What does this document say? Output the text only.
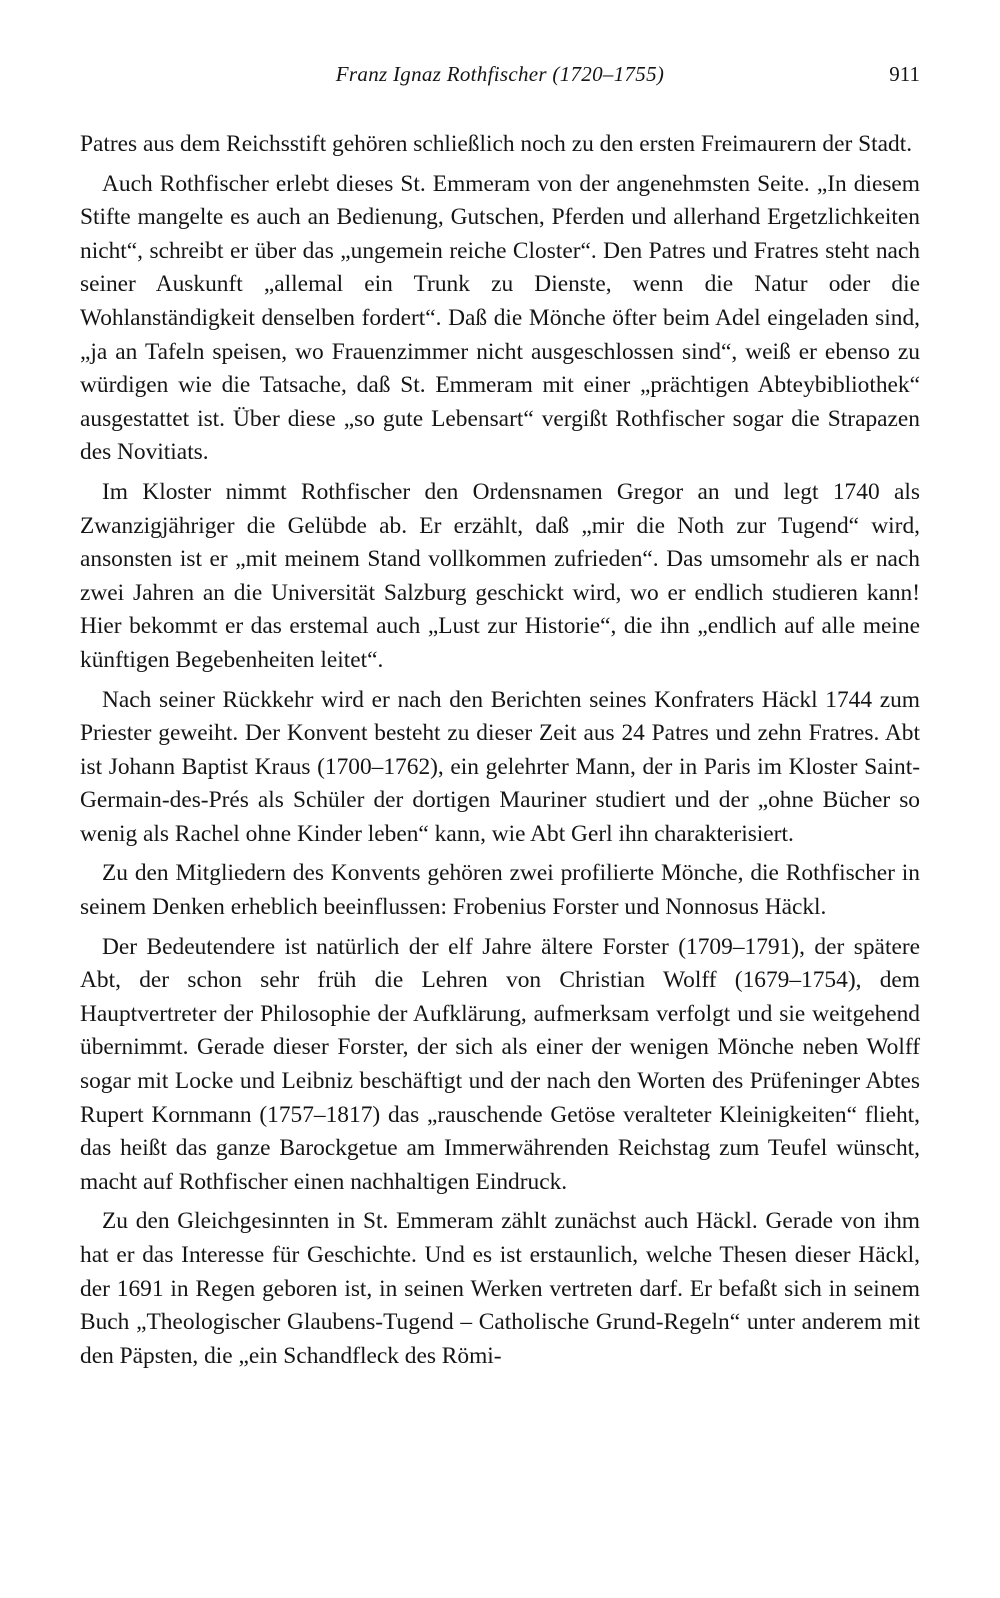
Franz Ignaz Rothfischer (1720–1755)	911

Patres aus dem Reichsstift gehören schließlich noch zu den ersten Freimaurern der Stadt.

Auch Rothfischer erlebt dieses St. Emmeram von der angenehmsten Seite. „In diesem Stifte mangelte es auch an Bedienung, Gutschen, Pferden und allerhand Ergetzlichkeiten nicht“, schreibt er über das „ungemein reiche Closter“. Den Patres und Fratres steht nach seiner Auskunft „allemal ein Trunk zu Dienste, wenn die Natur oder die Wohlanständigkeit denselben fordert“. Daß die Mönche öfter beim Adel eingeladen sind, „ja an Tafeln speisen, wo Frauenzimmer nicht ausgeschlossen sind“, weiß er ebenso zu würdigen wie die Tatsache, daß St. Emmeram mit einer „prächtigen Abteybibliothek“ ausgestattet ist. Über diese „so gute Lebensart“ vergißt Rothfischer sogar die Strapazen des Novitiats.

Im Kloster nimmt Rothfischer den Ordensnamen Gregor an und legt 1740 als Zwanzigjähriger die Gelübde ab. Er erzählt, daß „mir die Noth zur Tugend“ wird, ansonsten ist er „mit meinem Stand vollkommen zufrieden“. Das umsomehr als er nach zwei Jahren an die Universität Salzburg geschickt wird, wo er endlich studieren kann! Hier bekommt er das erstemal auch „Lust zur Historie“, die ihn „endlich auf alle meine künftigen Begebenheiten leitet“.

Nach seiner Rückkehr wird er nach den Berichten seines Konfraters Häckl 1744 zum Priester geweiht. Der Konvent besteht zu dieser Zeit aus 24 Patres und zehn Fratres. Abt ist Johann Baptist Kraus (1700–1762), ein gelehrter Mann, der in Paris im Kloster Saint-Germain-des-Prés als Schüler der dortigen Mauriner studiert und der „ohne Bücher so wenig als Rachel ohne Kinder leben“ kann, wie Abt Gerl ihn charakterisiert.

Zu den Mitgliedern des Konvents gehören zwei profilierte Mönche, die Rothfischer in seinem Denken erheblich beeinflussen: Frobenius Forster und Nonnosus Häckl.

Der Bedeutendere ist natürlich der elf Jahre ältere Forster (1709–1791), der spätere Abt, der schon sehr früh die Lehren von Christian Wolff (1679–1754), dem Hauptvertreter der Philosophie der Aufklärung, aufmerksam verfolgt und sie weitgehend übernimmt. Gerade dieser Forster, der sich als einer der wenigen Mönche neben Wolff sogar mit Locke und Leibniz beschäftigt und der nach den Worten des Prüfeninger Abtes Rupert Kornmann (1757–1817) das „rauschende Getöse veralteter Kleinigkeiten“ flieht, das heißt das ganze Barockgetue am Immerwährenden Reichstag zum Teufel wünscht, macht auf Rothfischer einen nachhaltigen Eindruck.

Zu den Gleichgesinnten in St. Emmeram zählt zunächst auch Häckl. Gerade von ihm hat er das Interesse für Geschichte. Und es ist erstaunlich, welche Thesen dieser Häckl, der 1691 in Regen geboren ist, in seinen Werken vertreten darf. Er befaßt sich in seinem Buch „Theologischer Glaubens-Tugend – Catholische Grund-Regeln“ unter anderem mit den Päpsten, die „ein Schandfleck des Römi-
